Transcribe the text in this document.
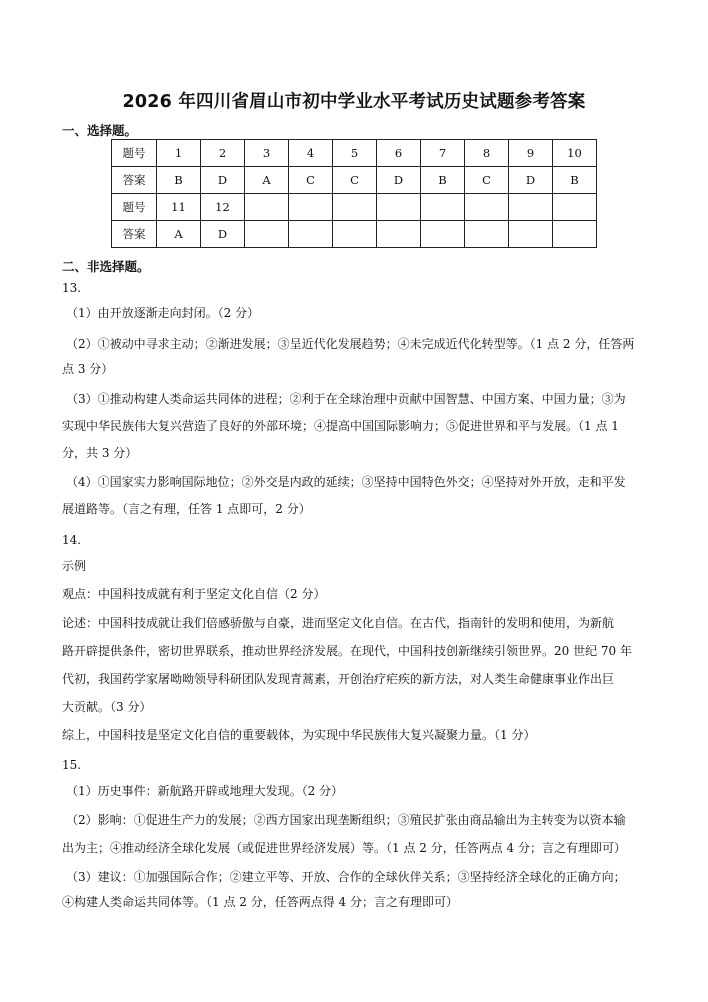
2026 年四川省眉山市初中学业水平考试历史试题参考答案
一、选择题。
题号	1	2	3	4	5	6	7	8	9	10
答案	B	D	A	C	C	D	B	C	D	B
题号	11	12								
答案	A	D								
二、非选择题。
13.
（1）由开放逐渐走向封闭。（2 分）
（2）①被动中寻求主动；②渐进发展；③呈近代化发展趋势；④未完成近代化转型等。（1 点 2 分，任答两
点 3 分）
（3）①推动构建人类命运共同体的进程；②利于在全球治理中贡献中国智慧、中国方案、中国力量；③为
实现中华民族伟大复兴营造了良好的外部环境；④提高中国国际影响力；⑤促进世界和平与发展。（1 点 1
分，共 3 分）
（4）①国家实力影响国际地位；②外交是内政的延续；③坚持中国特色外交；④坚持对外开放，走和平发
展道路等。（言之有理，任答 1 点即可，2 分）
14.
示例
观点：中国科技成就有利于坚定文化自信（2 分）
论述：中国科技成就让我们倍感骄傲与自豪，进而坚定文化自信。在古代，指南针的发明和使用，为新航
路开辟提供条件，密切世界联系，推动世界经济发展。在现代，中国科技创新继续引领世界。20 世纪 70 年
代初，我国药学家屠呦呦领导科研团队发现青蒿素，开创治疗疟疾的新方法，对人类生命健康事业作出巨
大贡献。（3 分）
综上，中国科技是坚定文化自信的重要载体，为实现中华民族伟大复兴凝聚力量。（1 分）
15.
（1）历史事件：新航路开辟或地理大发现。（2 分）
（2）影响：①促进生产力的发展；②西方国家出现垄断组织；③殖民扩张由商品输出为主转变为以资本输
出为主；④推动经济全球化发展（或促进世界经济发展）等。（1 点 2 分，任答两点 4 分；言之有理即可）
（3）建议：①加强国际合作；②建立平等、开放、合作的全球伙伴关系；③坚持经济全球化的正确方向；
④构建人类命运共同体等。（1 点 2 分，任答两点得 4 分；言之有理即可）
